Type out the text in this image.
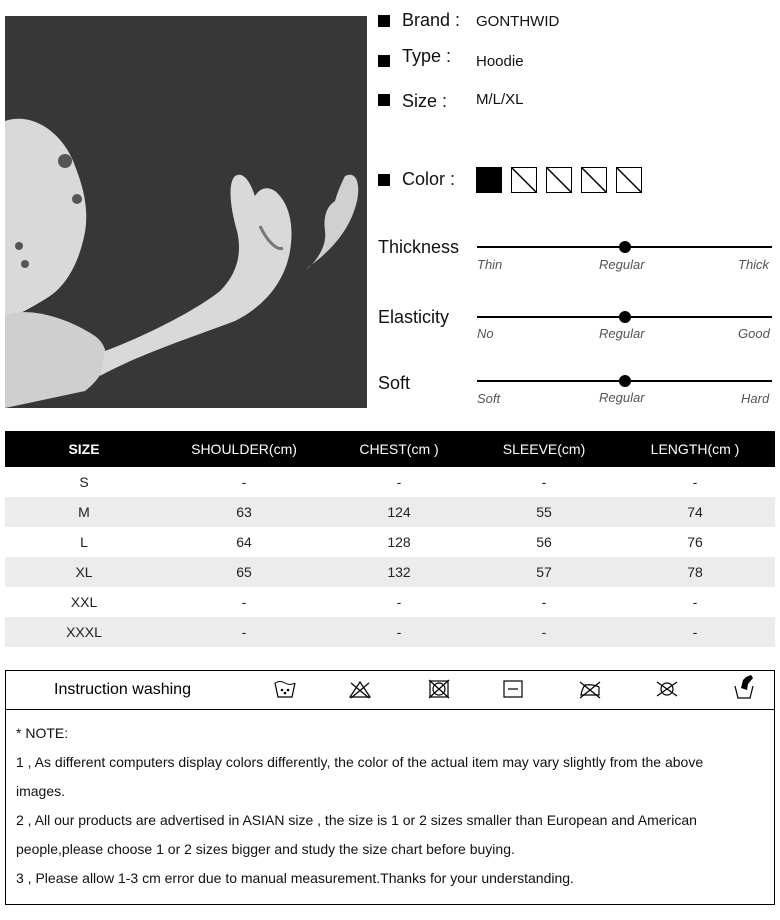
Brand : GONTHWID
Type : Hoodie
Size : M/L/XL
Color :
Thickness
Thin	Regular	Thick
Elasticity
No	Regular	Good
Soft
Soft	Regular	Hard
SIZE	SHOULDER(cm)	CHEST(cm )	SLEEVE(cm)	LENGTH(cm )
S	-	-	-	-
M	63	124	55	74
L	64	128	56	76
XL	65	132	57	78
XXL	-	-	-	-
XXXL	-	-	-	-
Instruction washing
* NOTE:
1 , As different computers display colors differently, the color of the actual item may vary slightly from the above
images.
2 , All our products are advertised in ASIAN size , the size is 1 or 2 sizes smaller than European and American
people,please choose 1 or 2 sizes bigger and study the size chart before buying.
3 , Please allow 1-3 cm error due to manual measurement.Thanks for your understanding.
